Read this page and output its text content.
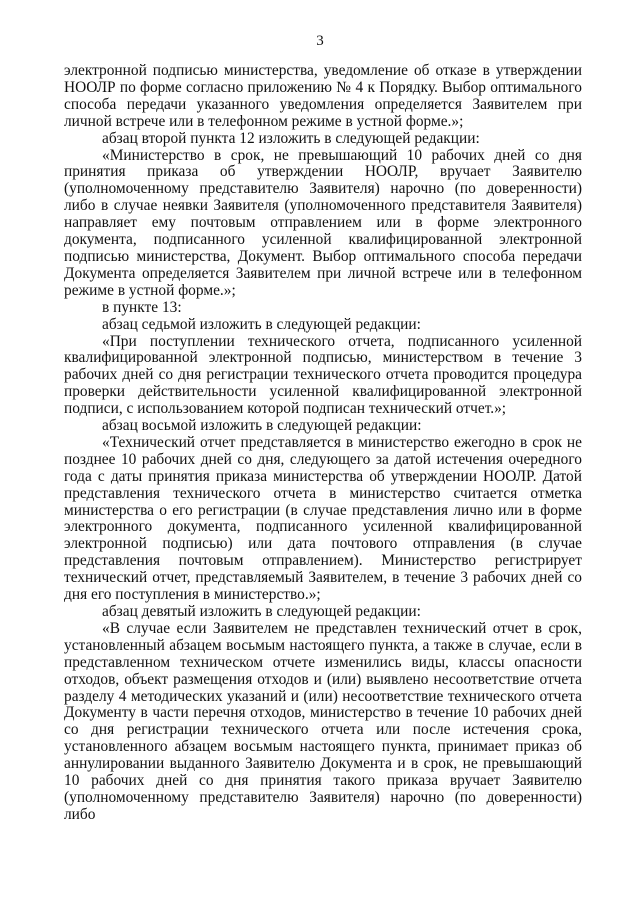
3

электронной подписью министерства, уведомление об отказе в утверждении НООЛР по форме согласно приложению № 4 к Порядку. Выбор оптимального способа передачи указанного уведомления определяется Заявителем при личной встрече или в телефонном режиме в устной форме.»;

абзац второй пункта 12 изложить в следующей редакции:

«Министерство в срок, не превышающий 10 рабочих дней со дня принятия приказа об утверждении НООЛР, вручает Заявителю (уполномоченному представителю Заявителя) нарочно (по доверенности) либо в случае неявки Заявителя (уполномоченного представителя Заявителя) направляет ему почтовым отправлением или в форме электронного документа, подписанного усиленной квалифицированной электронной подписью министерства, Документ. Выбор оптимального способа передачи Документа определяется Заявителем при личной встрече или в телефонном режиме в устной форме.»;

в пункте 13:

абзац седьмой изложить в следующей редакции:

«При поступлении технического отчета, подписанного усиленной квалифицированной электронной подписью, министерством в течение 3 рабочих дней со дня регистрации технического отчета проводится процедура проверки действительности усиленной квалифицированной электронной подписи, с использованием которой подписан технический отчет.»;

абзац восьмой изложить в следующей редакции:

«Технический отчет представляется в министерство ежегодно в срок не позднее 10 рабочих дней со дня, следующего за датой истечения очередного года с даты принятия приказа министерства об утверждении НООЛР. Датой представления технического отчета в министерство считается отметка министерства о его регистрации (в случае представления лично или в форме электронного документа, подписанного усиленной квалифицированной электронной подписью) или дата почтового отправления (в случае представления почтовым отправлением). Министерство регистрирует технический отчет, представляемый Заявителем, в течение 3 рабочих дней со дня его поступления в министерство.»;

абзац девятый изложить в следующей редакции:

«В случае если Заявителем не представлен технический отчет в срок, установленный абзацем восьмым настоящего пункта, а также в случае, если в представленном техническом отчете изменились виды, классы опасности отходов, объект размещения отходов и (или) выявлено несоответствие отчета разделу 4 методических указаний и (или) несоответствие технического отчета Документу в части перечня отходов, министерство в течение 10 рабочих дней со дня регистрации технического отчета или после истечения срока, установленного абзацем восьмым настоящего пункта, принимает приказ об аннулировании выданного Заявителю Документа и в срок, не превышающий 10 рабочих дней со дня принятия такого приказа вручает Заявителю (уполномоченному представителю Заявителя) нарочно (по доверенности) либо
